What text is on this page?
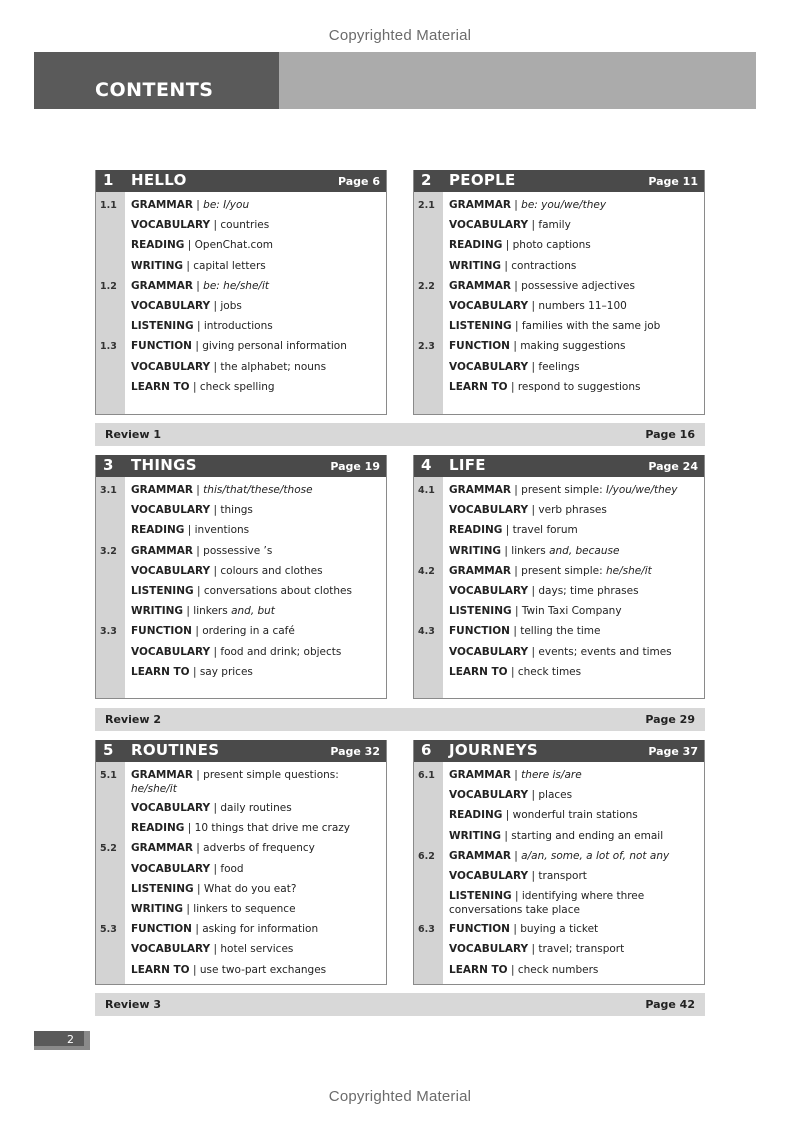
Copyrighted Material
CONTENTS
1 HELLO	Page 6
1.1 GRAMMAR | be: I/you
VOCABULARY | countries
READING | OpenChat.com
WRITING | capital letters
1.2 GRAMMAR | be: he/she/it
VOCABULARY | jobs
LISTENING | introductions
1.3 FUNCTION | giving personal information
VOCABULARY | the alphabet; nouns
LEARN TO | check spelling
2 PEOPLE	Page 11
2.1 GRAMMAR | be: you/we/they
VOCABULARY | family
READING | photo captions
WRITING | contractions
2.2 GRAMMAR | possessive adjectives
VOCABULARY | numbers 11–100
LISTENING | families with the same job
2.3 FUNCTION | making suggestions
VOCABULARY | feelings
LEARN TO | respond to suggestions
Review 1	Page 16
3 THINGS	Page 19
3.1 GRAMMAR | this/that/these/those
VOCABULARY | things
READING | inventions
3.2 GRAMMAR | possessive ’s
VOCABULARY | colours and clothes
LISTENING | conversations about clothes
WRITING | linkers and, but
3.3 FUNCTION | ordering in a café
VOCABULARY | food and drink; objects
LEARN TO | say prices
4 LIFE	Page 24
4.1 GRAMMAR | present simple: I/you/we/they
VOCABULARY | verb phrases
READING | travel forum
WRITING | linkers and, because
4.2 GRAMMAR | present simple: he/she/it
VOCABULARY | days; time phrases
LISTENING | Twin Taxi Company
4.3 FUNCTION | telling the time
VOCABULARY | events; events and times
LEARN TO | check times
Review 2	Page 29
5 ROUTINES	Page 32
5.1 GRAMMAR | present simple questions: he/she/it
VOCABULARY | daily routines
READING | 10 things that drive me crazy
5.2 GRAMMAR | adverbs of frequency
VOCABULARY | food
LISTENING | What do you eat?
WRITING | linkers to sequence
5.3 FUNCTION | asking for information
VOCABULARY | hotel services
LEARN TO | use two-part exchanges
6 JOURNEYS	Page 37
6.1 GRAMMAR | there is/are
VOCABULARY | places
READING | wonderful train stations
WRITING | starting and ending an email
6.2 GRAMMAR | a/an, some, a lot of, not any
VOCABULARY | transport
LISTENING | identifying where three conversations take place
6.3 FUNCTION | buying a ticket
VOCABULARY | travel; transport
LEARN TO | check numbers
Review 3	Page 42
2
Copyrighted Material
